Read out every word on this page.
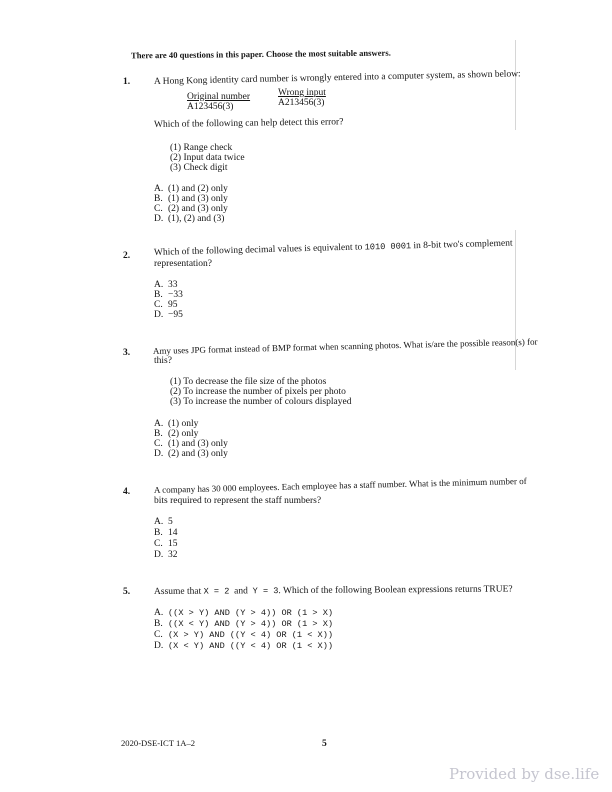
There are 40 questions in this paper. Choose the most suitable answers.
1.	A Hong Kong identity card number is wrongly entered into a computer system, as shown below:
Original number
A123456(3)
Wrong input
A213456(3)
Which of the following can help detect this error?
(1) Range check
(2) Input data twice
(3) Check digit
A. (1) and (2) only
B. (1) and (3) only
C. (2) and (3) only
D. (1), (2) and (3)
2. Which of the following decimal values is equivalent to 1010 0001 in 8-bit two's complement
representation?
A. 33
B. −33
C. 95
D. −95
3.	Amy uses JPG format instead of BMP format when scanning photos. What is/are the possible reason(s) for
this?
(1) To decrease the file size of the photos
(2) To increase the number of pixels per photo
(3) To increase the number of colours displayed
A. (1) only
B. (2) only
C. (1) and (3) only
D. (2) and (3) only
4.	A company has 30 000 employees. Each employee has a staff number. What is the minimum number of
bits required to represent the staff numbers?
A. 5
B. 14
C. 15
D. 32
5.	Assume that X = 2 and Y = 3. Which of the following Boolean expressions returns TRUE?
A. ((X > Y) AND (Y > 4)) OR (1 > X)
B. ((X < Y) AND (Y > 4)) OR (1 > X)
C. (X > Y) AND ((Y < 4) OR (1 < X))
D. (X < Y) AND ((Y < 4) OR (1 < X))
2020-DSE-ICT 1A–2	5
Provided by dse.life
